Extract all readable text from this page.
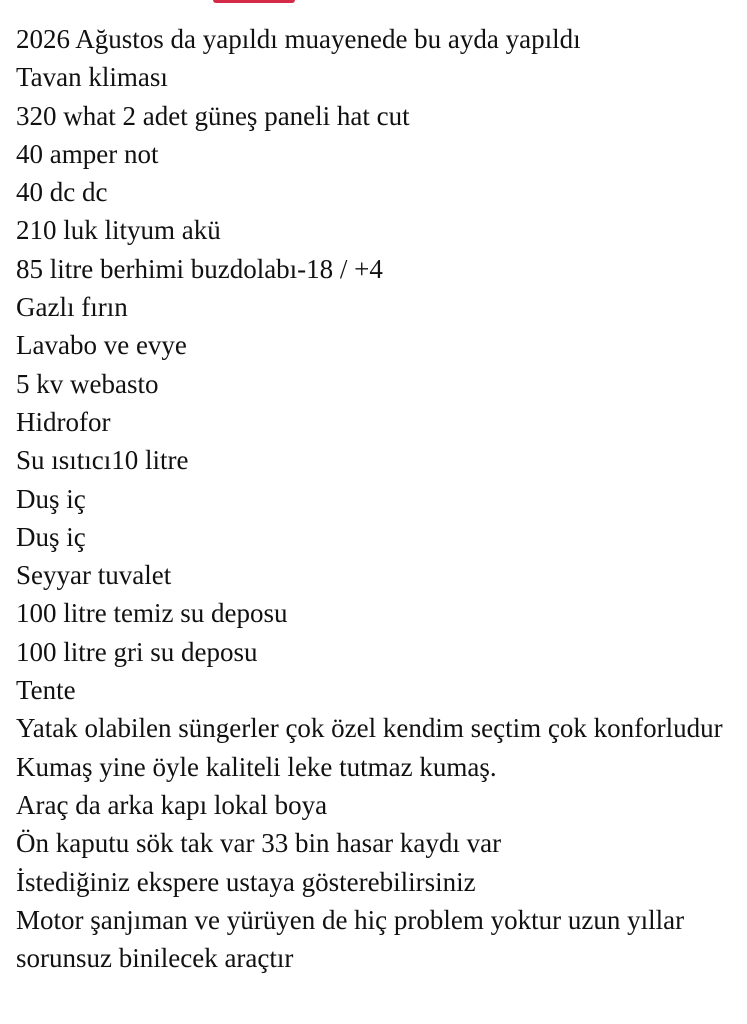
2026 Ağustos da yapıldı muayenede bu ayda yapıldı
Tavan kliması
320 what 2 adet güneş paneli hat cut
40 amper not
40 dc dc
210 luk lityum akü
85 litre berhimi buzdolabı-18 / +4
Gazlı fırın
Lavabo ve evye
5 kv webasto
Hidrofor
Su ısıtıcı10 litre
Duş iç
Duş iç
Seyyar tuvalet
100 litre temiz su deposu
100 litre gri su deposu
Tente
Yatak olabilen süngerler çok özel kendim seçtim çok konforludur
Kumaş yine öyle kaliteli leke tutmaz kumaş.
Araç da arka kapı lokal boya
Ön kaputu sök tak var 33 bin hasar kaydı var
İstediğiniz ekspere ustaya gösterebilirsiniz
Motor şanjıman ve yürüyen de hiç problem yoktur uzun yıllar sorunsuz binilecek araçtır
